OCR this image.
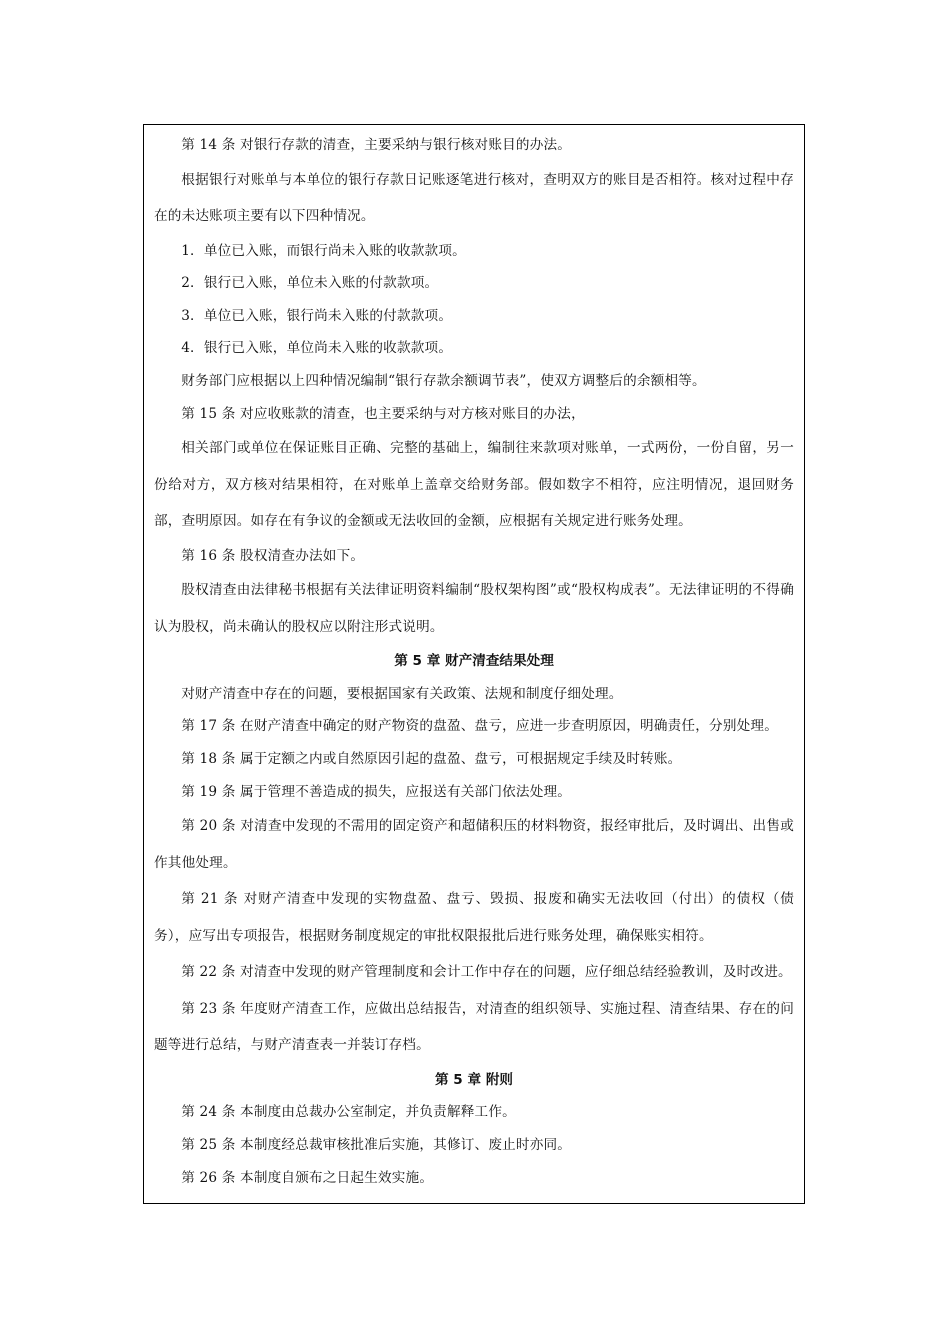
第 14 条 对银行存款的清查，主要采纳与银行核对账目的办法。

根据银行对账单与本单位的银行存款日记账逐笔进行核对，查明双方的账目是否相符。核对过程中存在的未达账项主要有以下四种情况。

1．单位已入账，而银行尚未入账的收款款项。

2．银行已入账，单位未入账的付款款项。

3．单位已入账，银行尚未入账的付款款项。

4．银行已入账，单位尚未入账的收款款项。

财务部门应根据以上四种情况编制“银行存款余额调节表”，使双方调整后的余额相等。

第 15 条 对应收账款的清查，也主要采纳与对方核对账目的办法，

相关部门或单位在保证账目正确、完整的基础上，编制往来款项对账单，一式两份，一份自留，另一份给对方，双方核对结果相符，在对账单上盖章交给财务部。假如数字不相符，应注明情况，退回财务部，查明原因。如存在有争议的金额或无法收回的金额，应根据有关规定进行账务处理。

第 16 条 股权清查办法如下。

股权清查由法律秘书根据有关法律证明资料编制“股权架构图”或“股权构成表”。无法律证明的不得确认为股权，尚未确认的股权应以附注形式说明。

第 5 章 财产清查结果处理

对财产清查中存在的问题，要根据国家有关政策、法规和制度仔细处理。

第 17 条 在财产清查中确定的财产物资的盘盈、盘亏，应进一步查明原因，明确责任，分别处理。

第 18 条 属于定额之内或自然原因引起的盘盈、盘亏，可根据规定手续及时转账。

第 19 条 属于管理不善造成的损失，应报送有关部门依法处理。

第 20 条 对清查中发现的不需用的固定资产和超储积压的材料物资，报经审批后，及时调出、出售或作其他处理。

第 21 条 对财产清查中发现的实物盘盈、盘亏、毁损、报废和确实无法收回（付出）的债权（债务），应写出专项报告，根据财务制度规定的审批权限报批后进行账务处理，确保账实相符。

第 22 条 对清查中发现的财产管理制度和会计工作中存在的问题，应仔细总结经验教训，及时改进。

第 23 条 年度财产清查工作，应做出总结报告，对清查的组织领导、实施过程、清查结果、存在的问题等进行总结，与财产清查表一并装订存档。

第 5 章 附则

第 24 条 本制度由总裁办公室制定，并负责解释工作。

第 25 条 本制度经总裁审核批准后实施，其修订、废止时亦同。

第 26 条 本制度自颁布之日起生效实施。
